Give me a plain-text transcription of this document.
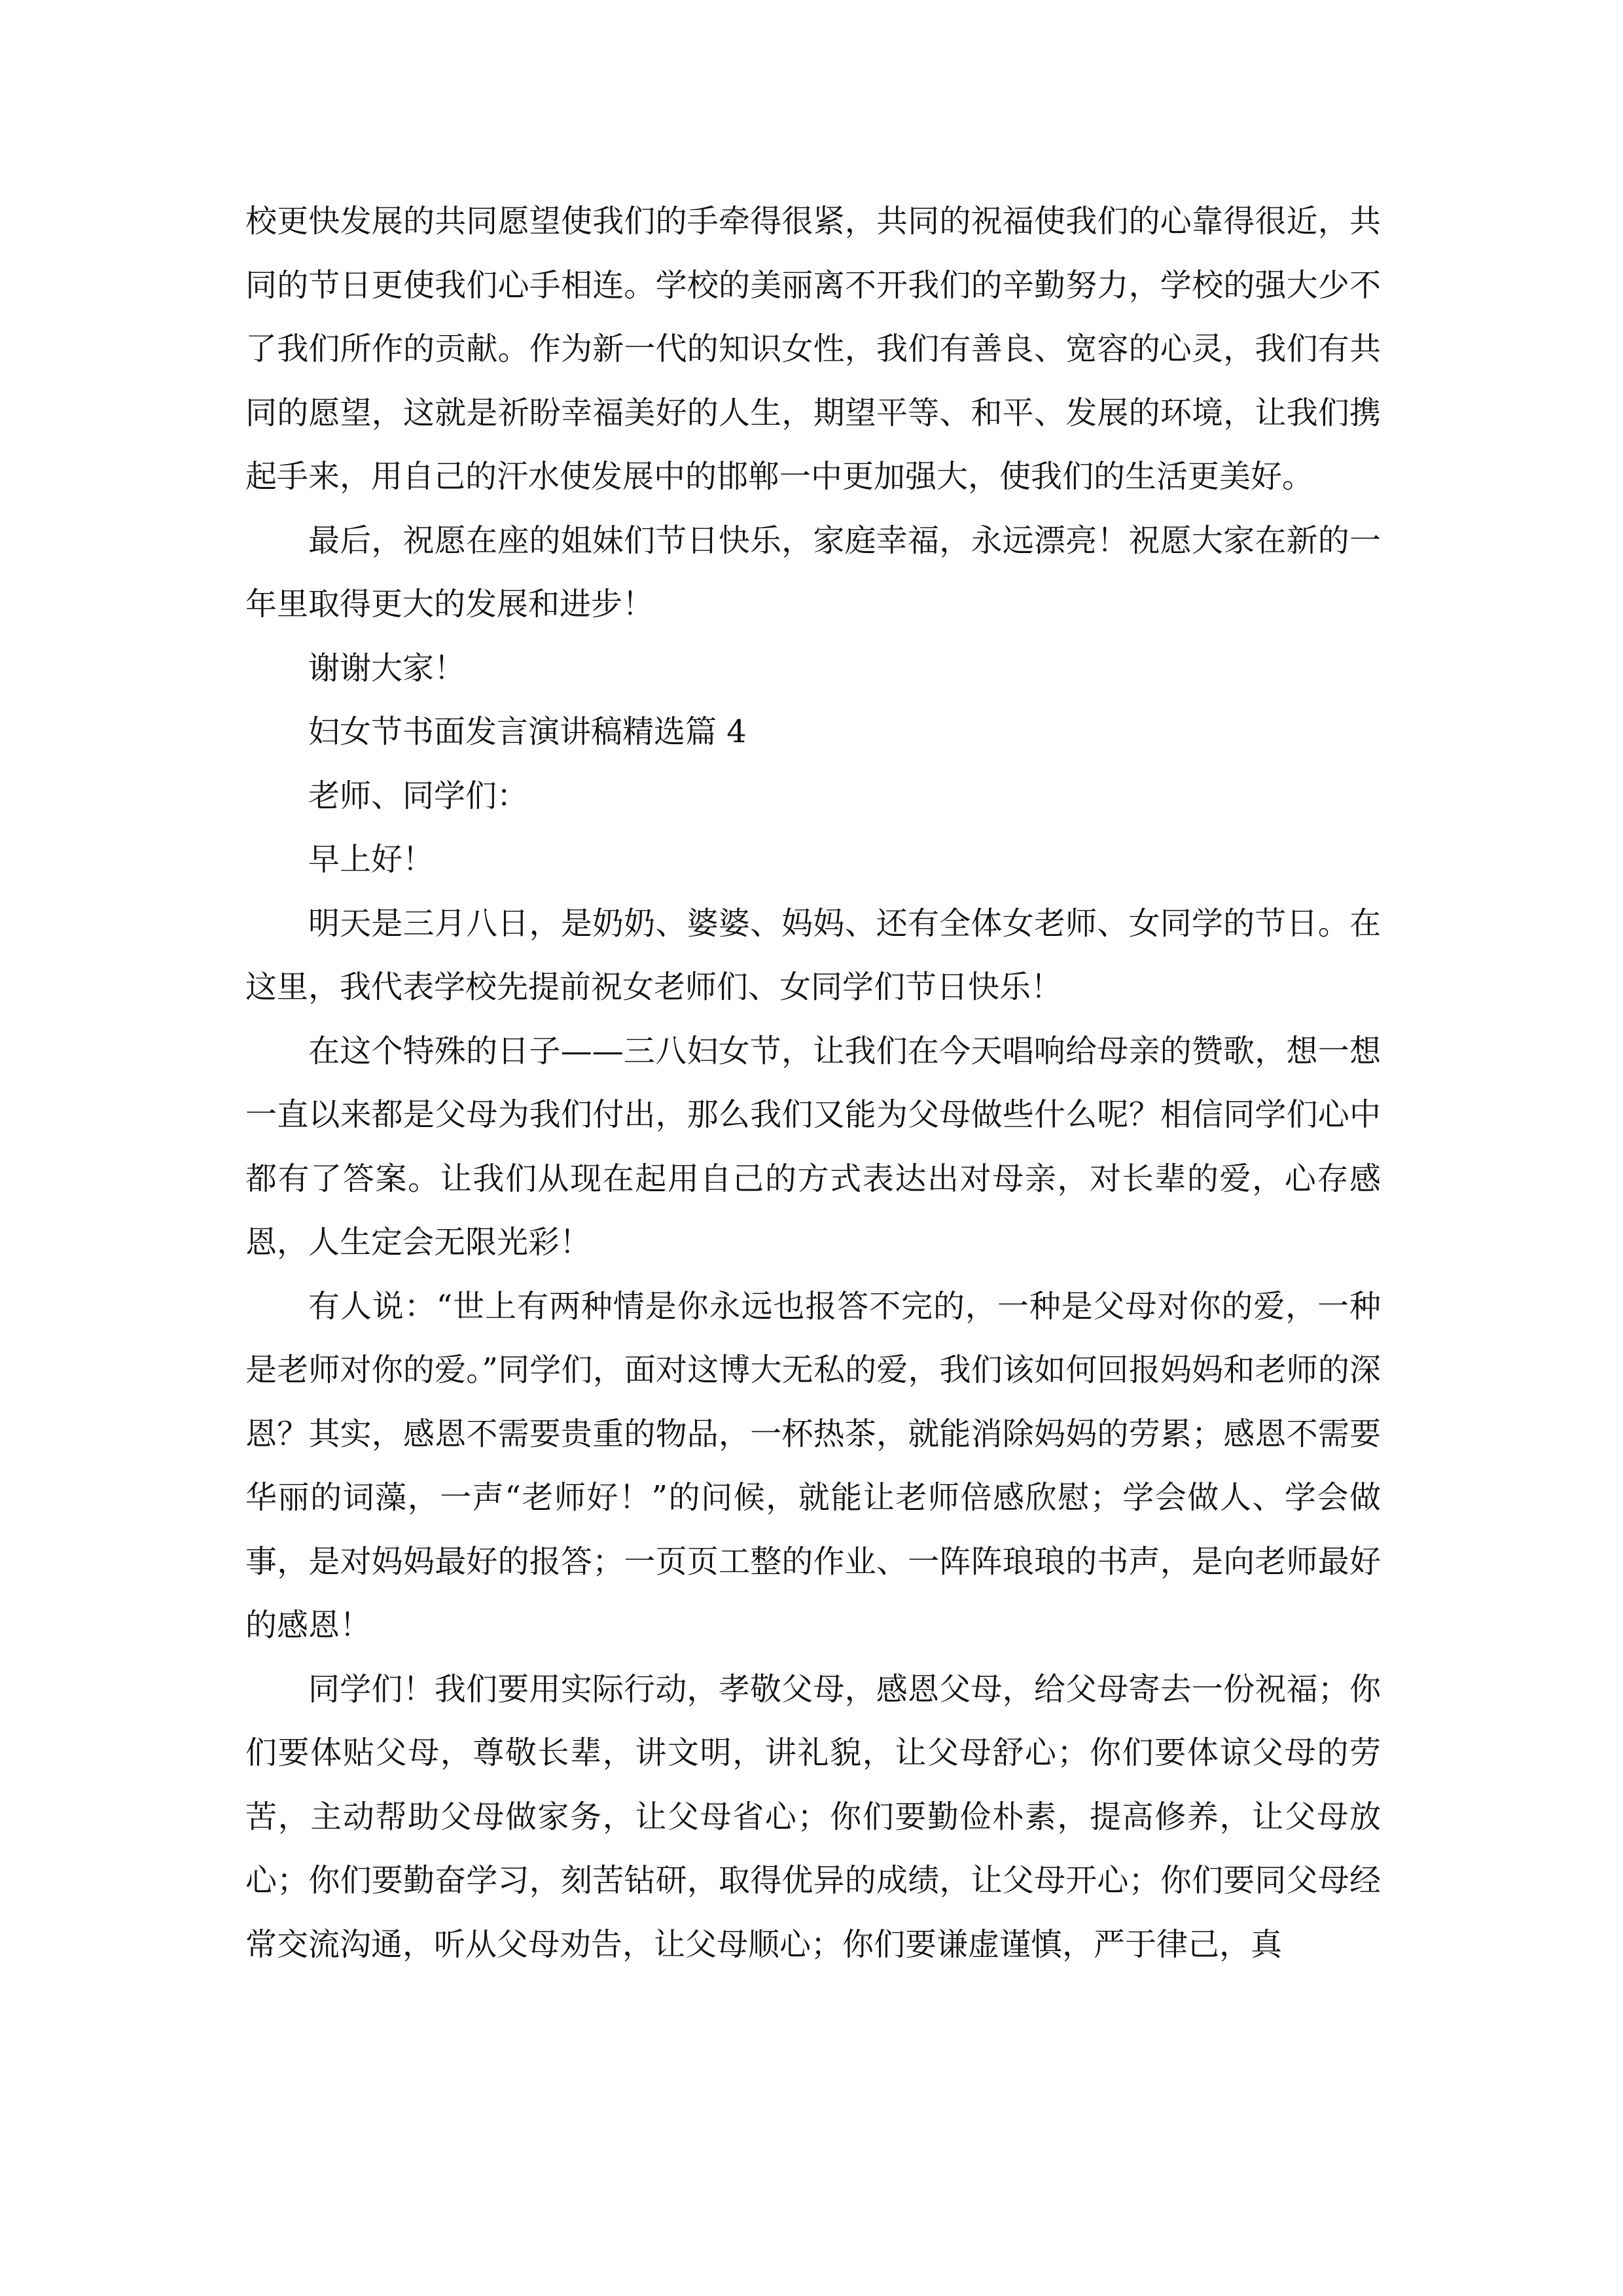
校更快发展的共同愿望使我们的手牵得很紧，共同的祝福使我们的心靠得很近，共同的节日更使我们心手相连。学校的美丽离不开我们的辛勤努力，学校的强大少不了我们所作的贡献。作为新一代的知识女性，我们有善良、宽容的心灵，我们有共同的愿望，这就是祈盼幸福美好的人生，期望平等、和平、发展的环境，让我们携起手来，用自己的汗水使发展中的邯郸一中更加强大，使我们的生活更美好。

最后，祝愿在座的姐妹们节日快乐，家庭幸福，永远漂亮！祝愿大家在新的一年里取得更大的发展和进步！

谢谢大家！

妇女节书面发言演讲稿精选篇 4

老师、同学们：

早上好！

明天是三月八日，是奶奶、婆婆、妈妈、还有全体女老师、女同学的节日。在这里，我代表学校先提前祝女老师们、女同学们节日快乐！

在这个特殊的日子——三八妇女节，让我们在今天唱响给母亲的赞歌，想一想一直以来都是父母为我们付出，那么我们又能为父母做些什么呢？相信同学们心中都有了答案。让我们从现在起用自己的方式表达出对母亲，对长辈的爱，心存感恩，人生定会无限光彩！

有人说：“世上有两种情是你永远也报答不完的，一种是父母对你的爱，一种是老师对你的爱。”同学们，面对这博大无私的爱，我们该如何回报妈妈和老师的深恩？其实，感恩不需要贵重的物品，一杯热茶，就能消除妈妈的劳累；感恩不需要华丽的词藻，一声“老师好！”的问候，就能让老师倍感欣慰；学会做人、学会做事，是对妈妈最好的报答；一页页工整的作业、一阵阵琅琅的书声，是向老师最好的感恩！

同学们！我们要用实际行动，孝敬父母，感恩父母，给父母寄去一份祝福；你们要体贴父母，尊敬长辈，讲文明，讲礼貌，让父母舒心；你们要体谅父母的劳苦，主动帮助父母做家务，让父母省心；你们要勤俭朴素，提高修养，让父母放心；你们要勤奋学习，刻苦钻研，取得优异的成绩，让父母开心；你们要同父母经常交流沟通，听从父母劝告，让父母顺心；你们要谦虚谨慎，严于律己，真
